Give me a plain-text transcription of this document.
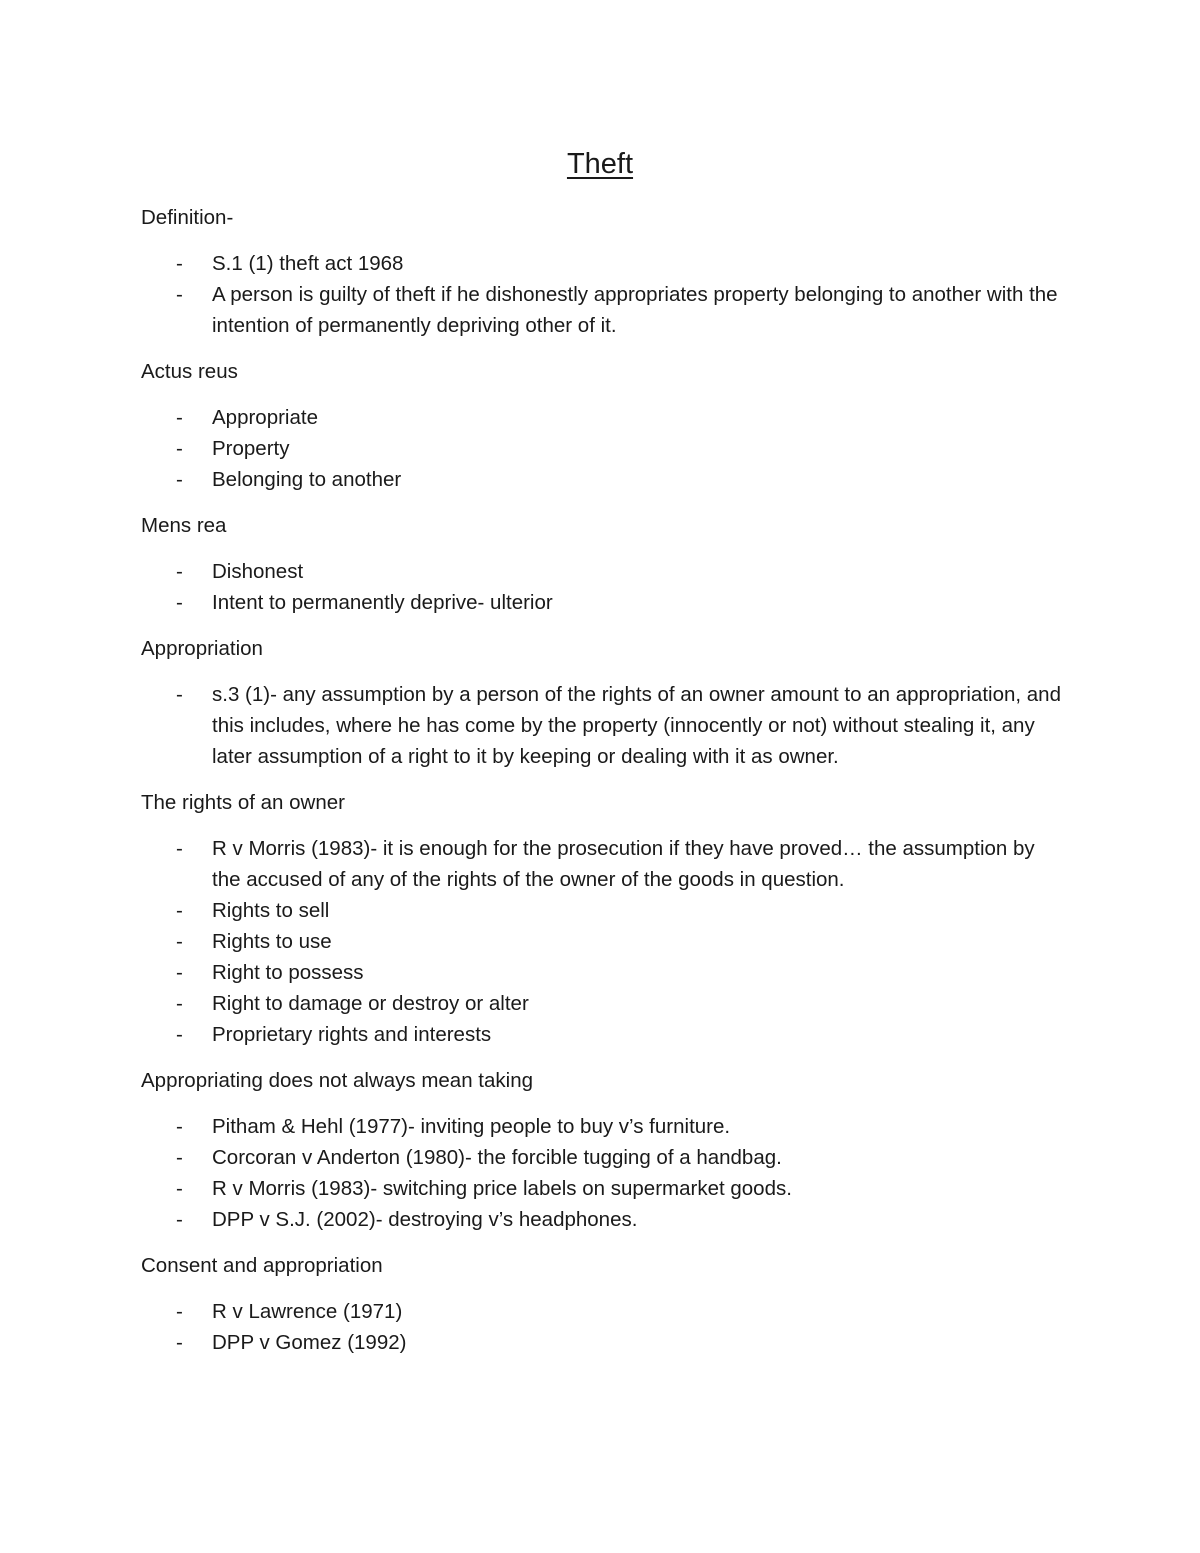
Theft

Definition-

- S.1 (1) theft act 1968
- A person is guilty of theft if he dishonestly appropriates property belonging to another with the intention of permanently depriving other of it.

Actus reus

- Appropriate
- Property
- Belonging to another

Mens rea

- Dishonest
- Intent to permanently deprive- ulterior

Appropriation

- s.3 (1)- any assumption by a person of the rights of an owner amount to an appropriation, and this includes, where he has come by the property (innocently or not) without stealing it, any later assumption of a right to it by keeping or dealing with it as owner.

The rights of an owner

- R v Morris (1983)- it is enough for the prosecution if they have proved… the assumption by the accused of any of the rights of the owner of the goods in question.
- Rights to sell
- Rights to use
- Right to possess
- Right to damage or destroy or alter
- Proprietary rights and interests

Appropriating does not always mean taking

- Pitham & Hehl (1977)- inviting people to buy v’s furniture.
- Corcoran v Anderton (1980)- the forcible tugging of a handbag.
- R v Morris (1983)- switching price labels on supermarket goods.
- DPP v S.J. (2002)- destroying v’s headphones.

Consent and appropriation

- R v Lawrence (1971)
- DPP v Gomez (1992)
